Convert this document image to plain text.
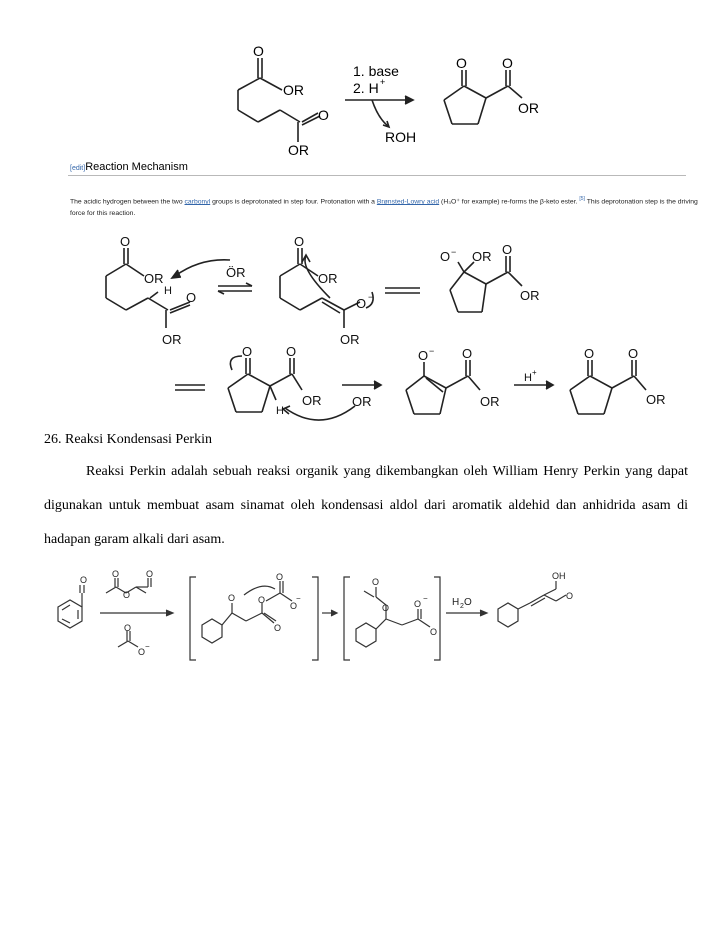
O
OR
O
OR
1. base
2. H +
O	O
OR
ROH
[edit]Reaction Mechanism
The acidic hydrogen between the two carbonyl groups is deprotonated in step four. Protonation with a Brønsted-Lowry acid (H₃O⁺ for example) re-forms the β-keto ester. [5] This deprotonation step is the driving force for this reaction.
O
OR
H O
OR
ÖR
O
OR
O −
OR
O − OR O
OR
O	O
OR
H
OR
O − O
OR
H +
O	O
OR
26. Reaksi Kondensasi Perkin
Reaksi Perkin adalah sebuah reaksi organik yang dikembangkan oleh William Henry Perkin yang dapat digunakan untuk membuat asam sinamat oleh kondensasi aldol dari aromatik aldehid dan anhidrida asam di hadapan garam alkali dari asam.
O
O
O
O
O
O
−
O	O
O
O
O
−
O
O	O
O
− H 2 O
OH
O
